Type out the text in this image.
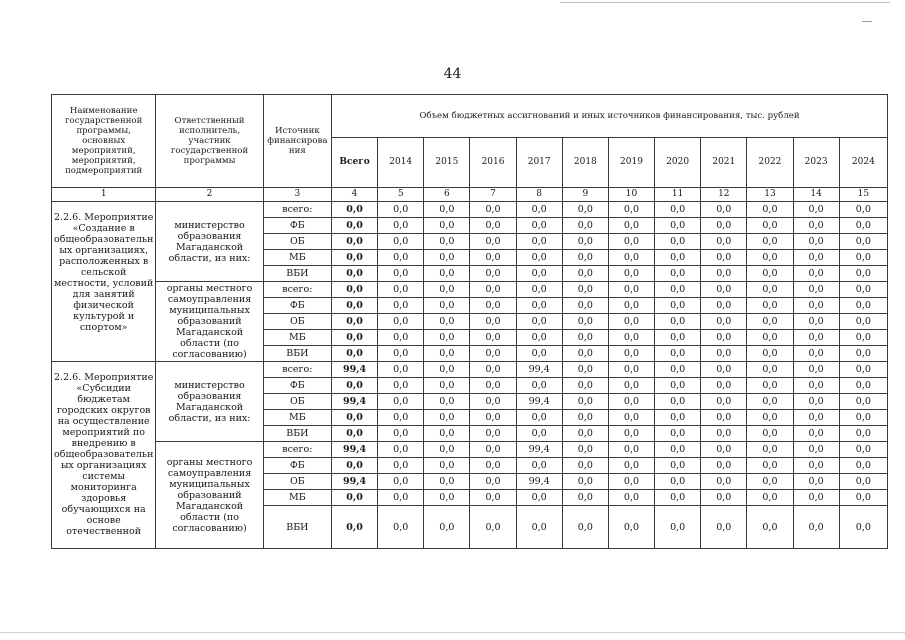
44
Наименование государственной программы, основных мероприятий, мероприятий, подмероприятий	Ответственный исполнитель, участник государственной программы	Источник финансирова ния	Объем бюджетных ассигнований и иных источников финансирования, тыс. рублей											
			Всего	2014	2015	2016	2017	2018	2019	2020	2021	2022	2023	2024
1	2	3	4	5	6	7	8	9	10	11	12	13	14	15
2.2.6. Мероприятие «Создание в общеобразовательн ых организациях, расположенных в сельской местности, условий для занятий физической культурой и спортом»	министерство образования Магаданской области, из них:	всего:	0,0	0,0	0,0	0,0	0,0	0,0	0,0	0,0	0,0	0,0	0,0	0,0
		ФБ	0,0	0,0	0,0	0,0	0,0	0,0	0,0	0,0	0,0	0,0	0,0	0,0
		ОБ	0,0	0,0	0,0	0,0	0,0	0,0	0,0	0,0	0,0	0,0	0,0	0,0
		МБ	0,0	0,0	0,0	0,0	0,0	0,0	0,0	0,0	0,0	0,0	0,0	0,0
		ВБИ	0,0	0,0	0,0	0,0	0,0	0,0	0,0	0,0	0,0	0,0	0,0	0,0
	органы местного самоуправления муниципальных образований Магаданской области (по согласованию)	всего:	0,0	0,0	0,0	0,0	0,0	0,0	0,0	0,0	0,0	0,0	0,0	0,0
		ФБ	0,0	0,0	0,0	0,0	0,0	0,0	0,0	0,0	0,0	0,0	0,0	0,0
		ОБ	0,0	0,0	0,0	0,0	0,0	0,0	0,0	0,0	0,0	0,0	0,0	0,0
		МБ	0,0	0,0	0,0	0,0	0,0	0,0	0,0	0,0	0,0	0,0	0,0	0,0
		ВБИ	0,0	0,0	0,0	0,0	0,0	0,0	0,0	0,0	0,0	0,0	0,0	0,0
2.2.6. Мероприятие «Субсидии бюджетам городских округов на осуществление мероприятий по внедрению в общеобразовательн ых организациях системы мониторинга здоровья обучающихся на основе отечественной	министерство образования Магаданской области, из них:	всего:	99,4	0,0	0,0	0,0	99,4	0,0	0,0	0,0	0,0	0,0	0,0	0,0
		ФБ	0,0	0,0	0,0	0,0	0,0	0,0	0,0	0,0	0,0	0,0	0,0	0,0
		ОБ	99,4	0,0	0,0	0,0	99,4	0,0	0,0	0,0	0,0	0,0	0,0	0,0
		МБ	0,0	0,0	0,0	0,0	0,0	0,0	0,0	0,0	0,0	0,0	0,0	0,0
		ВБИ	0,0	0,0	0,0	0,0	0,0	0,0	0,0	0,0	0,0	0,0	0,0	0,0
	органы местного самоуправления муниципальных образований Магаданской области (по согласованию)	всего:	99,4	0,0	0,0	0,0	99,4	0,0	0,0	0,0	0,0	0,0	0,0	0,0
		ФБ	0,0	0,0	0,0	0,0	0,0	0,0	0,0	0,0	0,0	0,0	0,0	0,0
		ОБ	99,4	0,0	0,0	0,0	99,4	0,0	0,0	0,0	0,0	0,0	0,0	0,0
		МБ	0,0	0,0	0,0	0,0	0,0	0,0	0,0	0,0	0,0	0,0	0,0	0,0
		ВБИ	0,0	0,0	0,0	0,0	0,0	0,0	0,0	0,0	0,0	0,0	0,0	0,0
